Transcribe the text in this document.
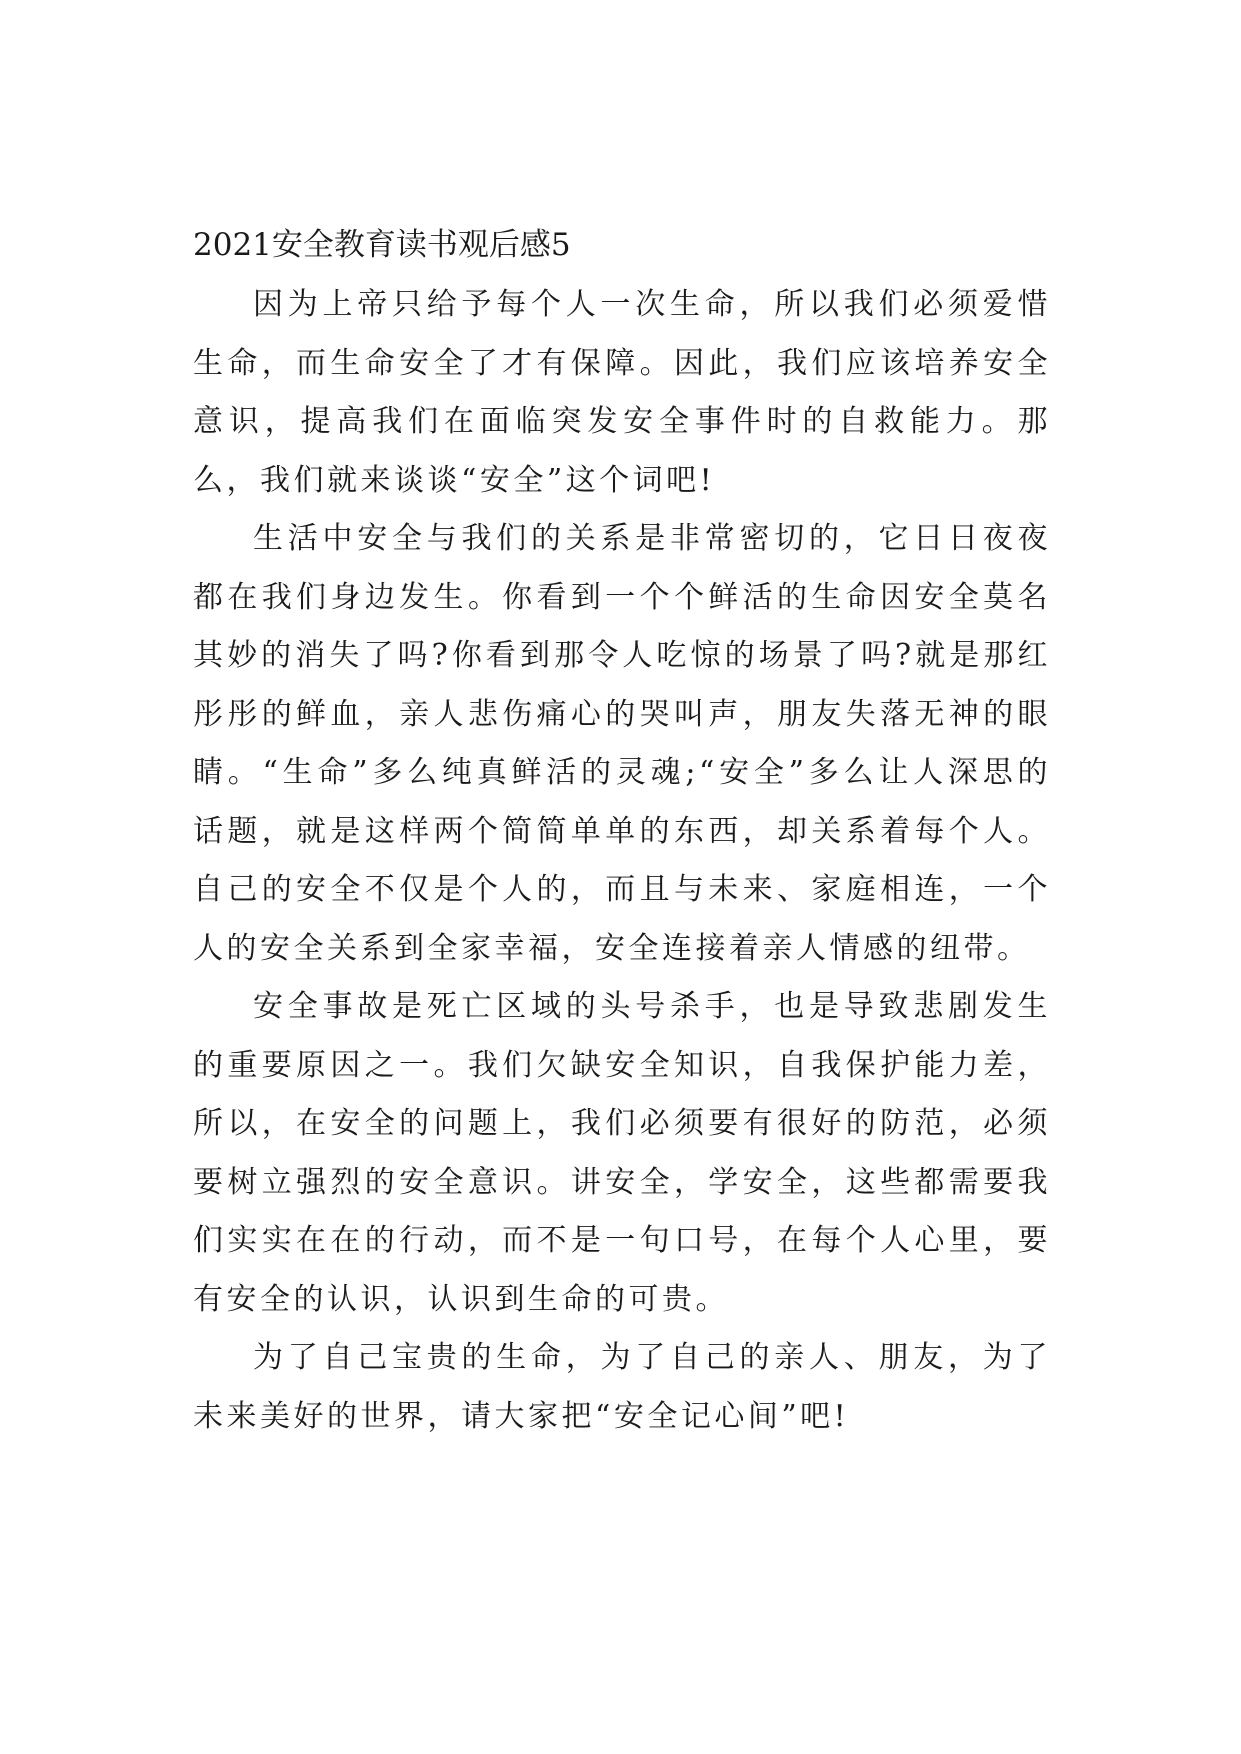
2021安全教育读书观后感5

因为上帝只给予每个人一次生命，所以我们必须爱惜生命，而生命安全了才有保障。因此，我们应该培养安全意识，提高我们在面临突发安全事件时的自救能力。那么，我们就来谈谈“安全”这个词吧!

生活中安全与我们的关系是非常密切的，它日日夜夜都在我们身边发生。你看到一个个鲜活的生命因安全莫名其妙的消失了吗?你看到那令人吃惊的场景了吗?就是那红彤彤的鲜血，亲人悲伤痛心的哭叫声，朋友失落无神的眼睛。“生命”多么纯真鲜活的灵魂;“安全”多么让人深思的话题，就是这样两个简简单单的东西，却关系着每个人。自己的安全不仅是个人的，而且与未来、家庭相连，一个人的安全关系到全家幸福，安全连接着亲人情感的纽带。

安全事故是死亡区域的头号杀手，也是导致悲剧发生的重要原因之一。我们欠缺安全知识，自我保护能力差，所以，在安全的问题上，我们必须要有很好的防范，必须要树立强烈的安全意识。讲安全，学安全，这些都需要我们实实在在的行动，而不是一句口号，在每个人心里，要有安全的认识，认识到生命的可贵。

为了自己宝贵的生命，为了自己的亲人、朋友，为了未来美好的世界，请大家把“安全记心间”吧!
